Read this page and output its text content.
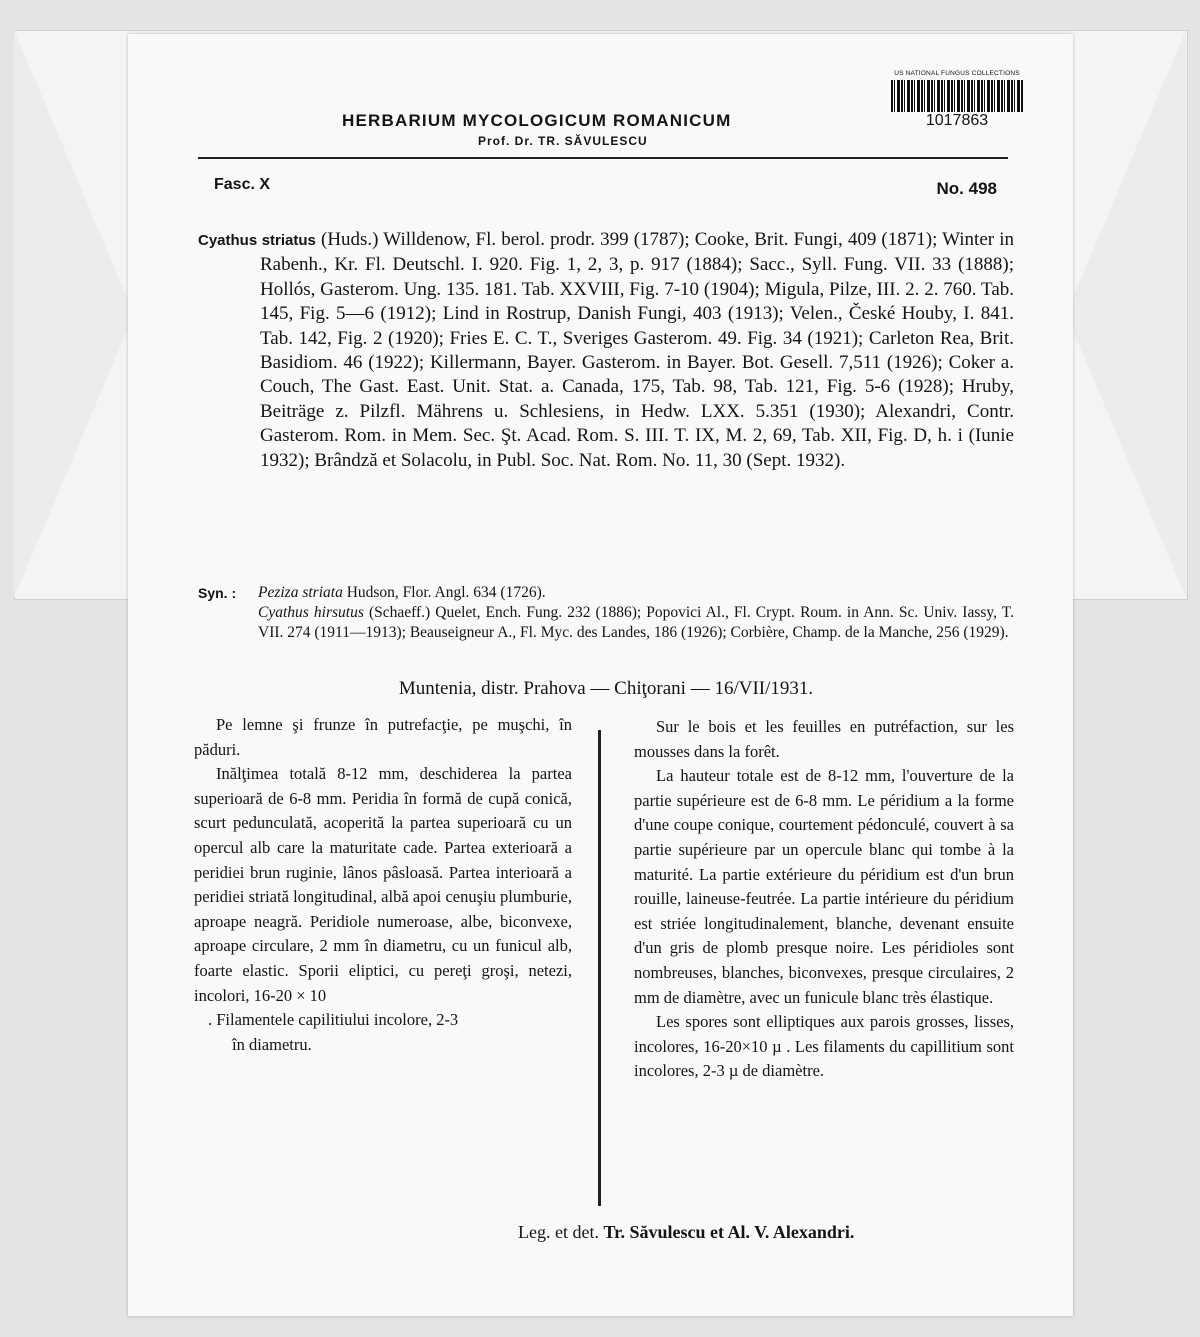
US NATIONAL FUNGUS COLLECTIONS
1017863
HERBARIUM MYCOLOGICUM ROMANICUM
Prof. Dr. TR. SĂVULESCU
Fasc. X	No. 498
Cyathus striatus (Huds.) Willdenow, Fl. berol. prodr. 399 (1787); Cooke, Brit. Fungi, 409 (1871); Winter in Rabenh., Kr. Fl. Deutschl. I. 920. Fig. 1, 2, 3, p. 917 (1884); Sacc., Syll. Fung. VII. 33 (1888); Hollós, Gasterom. Ung. 135. 181. Tab. XXVIII, Fig. 7-10 (1904); Migula, Pilze, III. 2. 2. 760. Tab. 145, Fig. 5—6 (1912); Lind in Rostrup, Danish Fungi, 403 (1913); Velen., České Houby, I. 841. Tab. 142, Fig. 2 (1920); Fries E. C. T., Sveriges Gasterom. 49. Fig. 34 (1921); Carleton Rea, Brit. Basidiom. 46 (1922); Killermann, Bayer. Gasterom. in Bayer. Bot. Gesell. 7,511 (1926); Coker a. Couch, The Gast. East. Unit. Stat. a. Canada, 175, Tab. 98, Tab. 121, Fig. 5-6 (1928); Hruby, Beiträge z. Pilzfl. Mährens u. Schlesiens, in Hedw. LXX. 5.351 (1930); Alexandri, Contr. Gasterom. Rom. in Mem. Sec. Şt. Acad. Rom. S. III. T. IX, M. 2, 69, Tab. XII, Fig. D, h. i (Iunie 1932); Brândză et Solacolu, in Publ. Soc. Nat. Rom. No. 11, 30 (Sept. 1932).
Syn. : Peziza striata Hudson, Flor. Angl. 634 (1726).
Cyathus hirsutus (Schaeff.) Quelet, Ench. Fung. 232 (1886); Popovici Al., Fl. Crypt. Roum. in Ann. Sc. Univ. Iassy, T. VII. 274 (1911—1913); Beauseigneur A., Fl. Myc. des Landes, 186 (1926); Corbière, Champ. de la Manche, 256 (1929).
Muntenia, distr. Prahova — Chiţorani — 16/VII/1931.

Pe lemne şi frunze în putrefacţie, pe muşchi, în păduri.

Inălţimea totală 8-12 mm, deschiderea la partea superioară de 6-8 mm. Peridia în formă de cupă conică, scurt pedunculată, acoperită la partea superioară cu un opercul alb care la maturitate cade. Partea exterioară a peridiei brun ruginie, lânos pâsloasă. Partea interioară a peridiei striată longitudinal, albă apoi cenuşiu plumburie, aproape neagră. Peridiole numeroase, albe, biconvexe, aproape circulare, 2 mm în diametru, cu un funicul alb, foarte elastic. Sporii eliptici, cu pereţi groşi, netezi, incolori, 16-20 × 10

. Filamentele capilitiului incolore, 2-3

în diametru.

Sur le bois et les feuilles en putréfaction, sur les mousses dans la forêt.

La hauteur totale est de 8-12 mm, l'ouverture de la partie supérieure est de 6-8 mm. Le péridium a la forme d'une coupe conique, courtement pédonculé, couvert à sa partie supérieure par un opercule blanc qui tombe à la maturité. La partie extérieure du péridium est d'un brun rouille, laineuse-feutrée. La partie intérieure du péridium est striée longitudinalement, blanche, devenant ensuite d'un gris de plomb presque noire. Les péridioles sont nombreuses, blanches, biconvexes, presque circulaires, 2 mm de diamètre, avec un funicule blanc très élastique.

Les spores sont elliptiques aux parois grosses, lisses, incolores, 16-20×10 µ . Les filaments du capillitium sont incolores, 2-3 µ de diamètre.

Leg. et det. Tr. Săvulescu et Al. V. Alexandri.
